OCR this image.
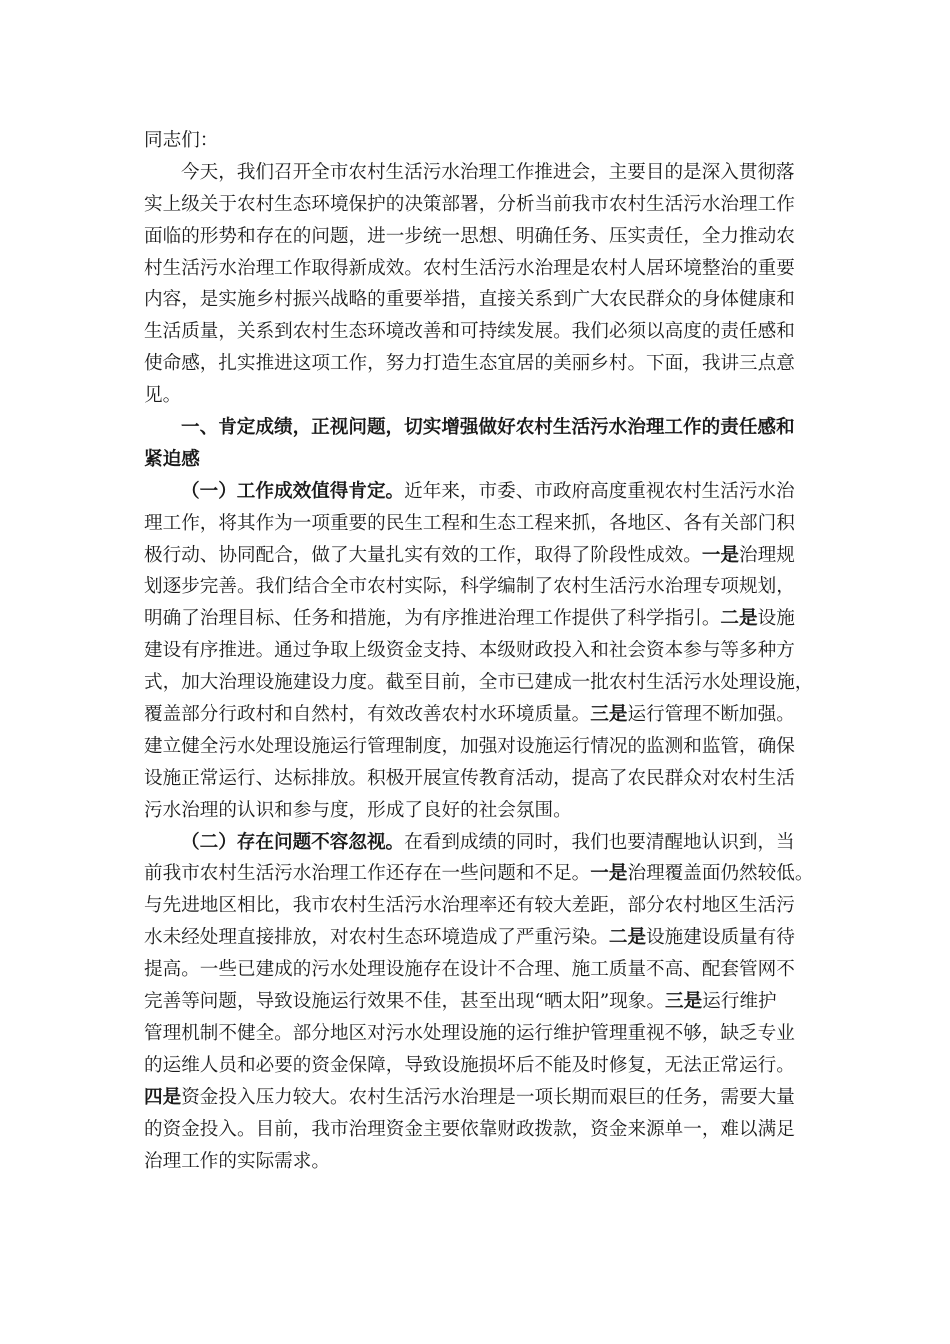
同志们：
今天，我们召开全市农村生活污水治理工作推进会，主要目的是深入贯彻落
实上级关于农村生态环境保护的决策部署，分析当前我市农村生活污水治理工作
面临的形势和存在的问题，进一步统一思想、明确任务、压实责任，全力推动农
村生活污水治理工作取得新成效。农村生活污水治理是农村人居环境整治的重要
内容，是实施乡村振兴战略的重要举措，直接关系到广大农民群众的身体健康和
生活质量，关系到农村生态环境改善和可持续发展。我们必须以高度的责任感和
使命感，扎实推进这项工作，努力打造生态宜居的美丽乡村。下面，我讲三点意
见。
一、肯定成绩，正视问题，切实增强做好农村生活污水治理工作的责任感和
紧迫感
（一）工作成效值得肯定。近年来，市委、市政府高度重视农村生活污水治
理工作，将其作为一项重要的民生工程和生态工程来抓，各地区、各有关部门积
极行动、协同配合，做了大量扎实有效的工作，取得了阶段性成效。一是治理规
划逐步完善。我们结合全市农村实际，科学编制了农村生活污水治理专项规划，
明确了治理目标、任务和措施，为有序推进治理工作提供了科学指引。二是设施
建设有序推进。通过争取上级资金支持、本级财政投入和社会资本参与等多种方
式，加大治理设施建设力度。截至目前，全市已建成一批农村生活污水处理设施，
覆盖部分行政村和自然村，有效改善农村水环境质量。三是运行管理不断加强。
建立健全污水处理设施运行管理制度，加强对设施运行情况的监测和监管，确保
设施正常运行、达标排放。积极开展宣传教育活动，提高了农民群众对农村生活
污水治理的认识和参与度，形成了良好的社会氛围。
（二）存在问题不容忽视。在看到成绩的同时，我们也要清醒地认识到，当
前我市农村生活污水治理工作还存在一些问题和不足。一是治理覆盖面仍然较低。
与先进地区相比，我市农村生活污水治理率还有较大差距，部分农村地区生活污
水未经处理直接排放，对农村生态环境造成了严重污染。二是设施建设质量有待
提高。一些已建成的污水处理设施存在设计不合理、施工质量不高、配套管网不
完善等问题，导致设施运行效果不佳，甚至出现“晒太阳”现象。三是运行维护
管理机制不健全。部分地区对污水处理设施的运行维护管理重视不够，缺乏专业
的运维人员和必要的资金保障，导致设施损坏后不能及时修复，无法正常运行。
四是资金投入压力较大。农村生活污水治理是一项长期而艰巨的任务，需要大量
的资金投入。目前，我市治理资金主要依靠财政拨款，资金来源单一，难以满足
治理工作的实际需求。
